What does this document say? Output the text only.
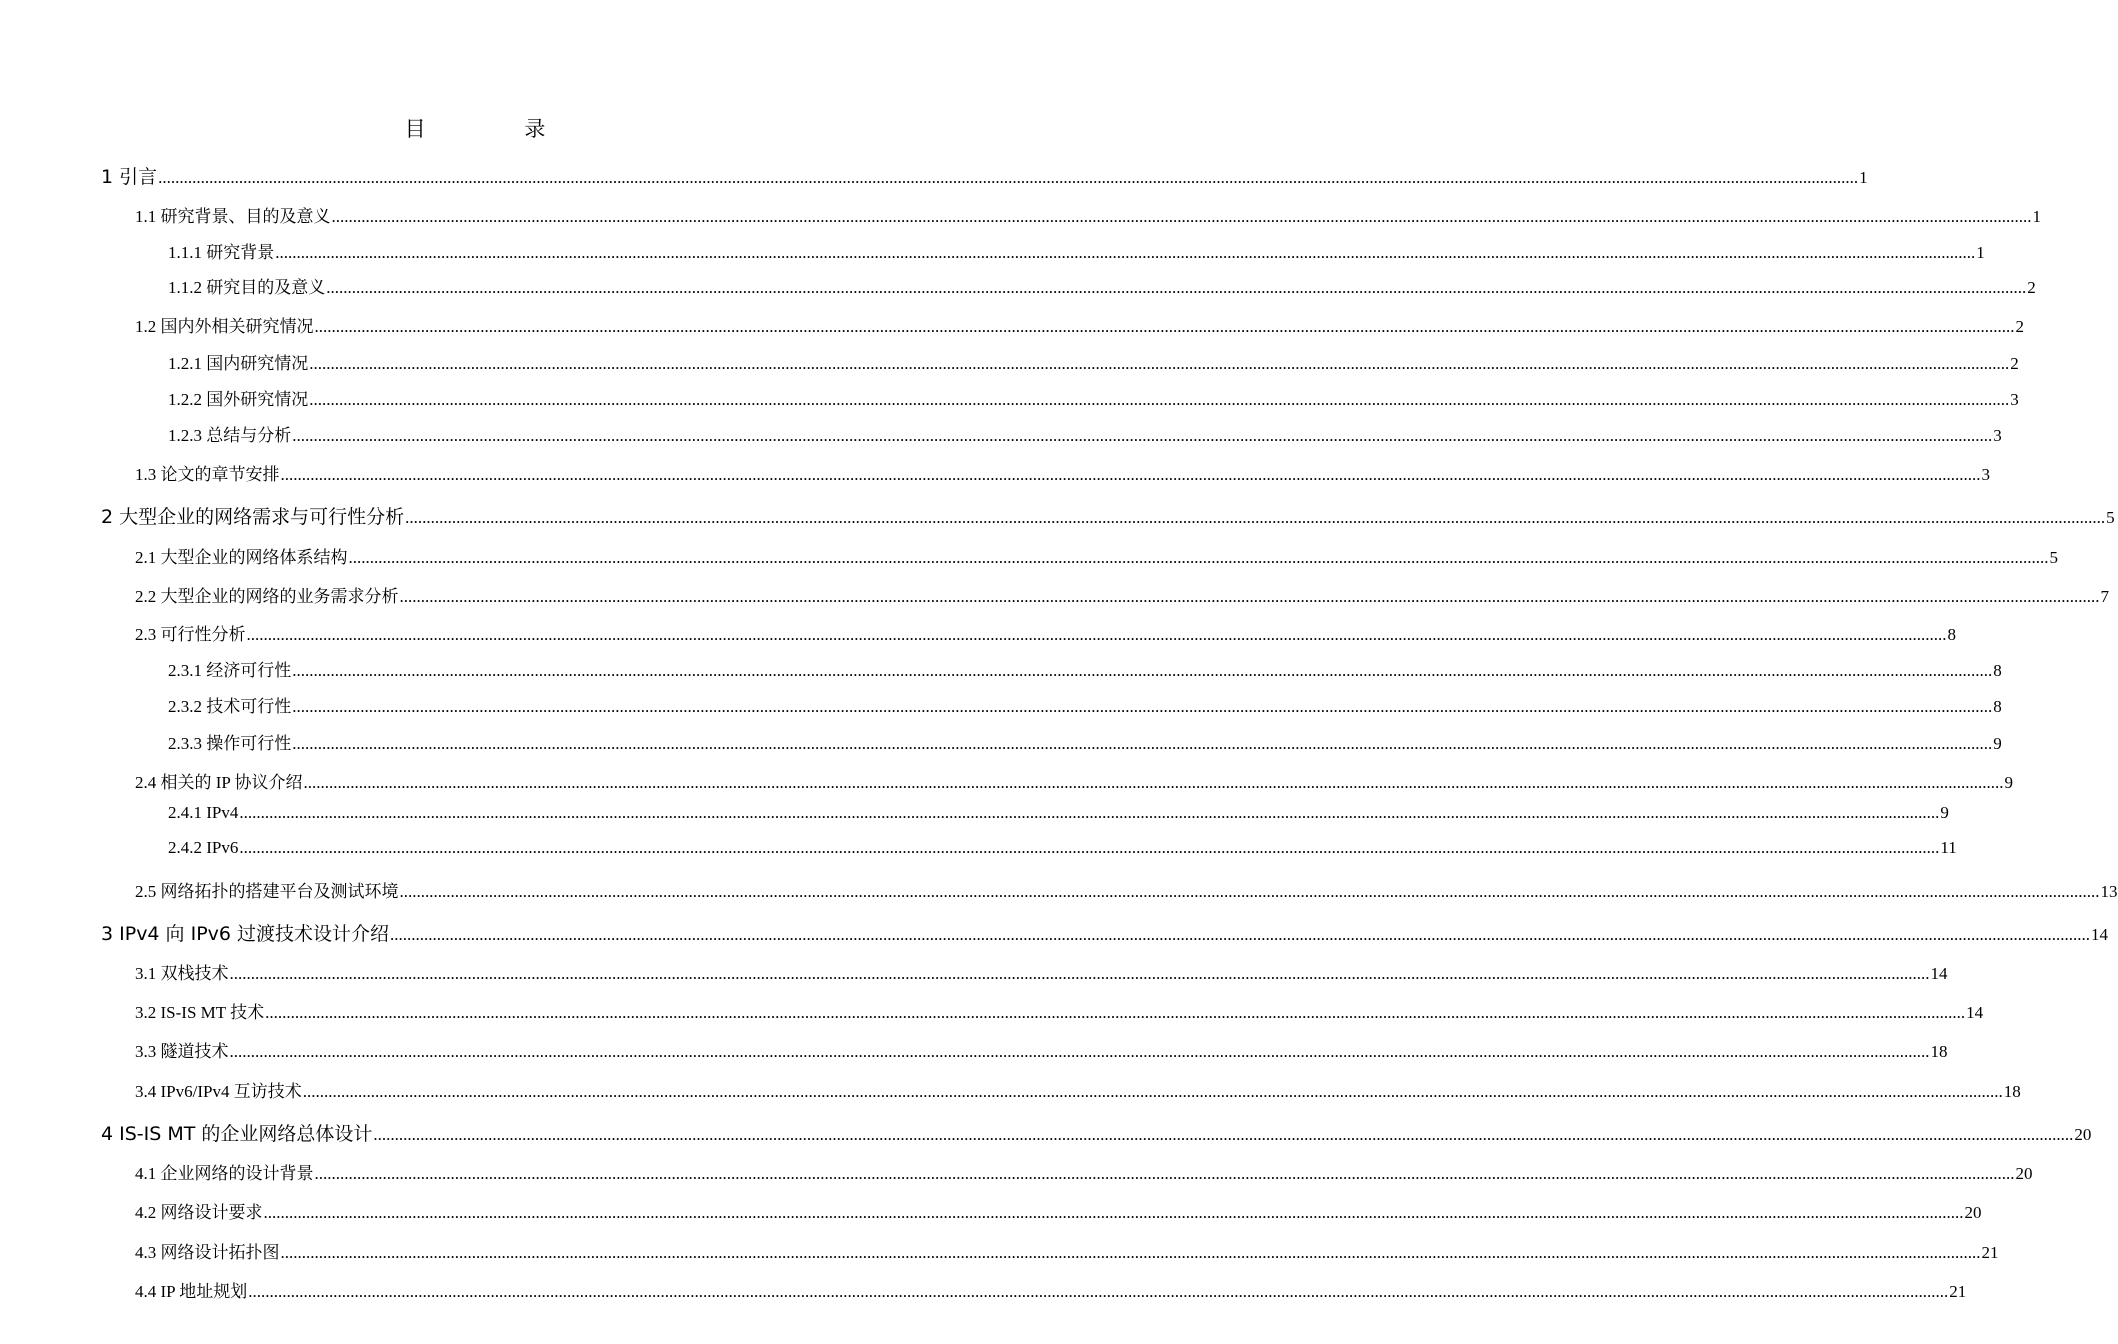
目 录
1 引言 ................................................................................................................................................................................................................................................................................................................................................................................................................ 1
1.1 研究背景、目的及意义 ................................................................................................................................................................................................................................................................................................................................................................................................................ 1
1.1.1 研究背景 ................................................................................................................................................................................................................................................................................................................................................................................................................ 1
1.1.2 研究目的及意义 ................................................................................................................................................................................................................................................................................................................................................................................................................ 2
1.2 国内外相关研究情况 ................................................................................................................................................................................................................................................................................................................................................................................................................ 2
1.2.1 国内研究情况 ................................................................................................................................................................................................................................................................................................................................................................................................................ 2
1.2.2 国外研究情况 ................................................................................................................................................................................................................................................................................................................................................................................................................ 3
1.2.3 总结与分析 ................................................................................................................................................................................................................................................................................................................................................................................................................ 3
1.3 论文的章节安排 ................................................................................................................................................................................................................................................................................................................................................................................................................ 3
2 大型企业的网络需求与可行性分析 ................................................................................................................................................................................................................................................................................................................................................................................................................ 5
2.1 大型企业的网络体系结构 ................................................................................................................................................................................................................................................................................................................................................................................................................ 5
2.2 大型企业的网络的业务需求分析 ................................................................................................................................................................................................................................................................................................................................................................................................................ 7
2.3 可行性分析 ................................................................................................................................................................................................................................................................................................................................................................................................................ 8
2.3.1 经济可行性 ................................................................................................................................................................................................................................................................................................................................................................................................................ 8
2.3.2 技术可行性 ................................................................................................................................................................................................................................................................................................................................................................................................................ 8
2.3.3 操作可行性 ................................................................................................................................................................................................................................................................................................................................................................................................................ 9
2.4 相关的 IP 协议介绍 ................................................................................................................................................................................................................................................................................................................................................................................................................ 9
2.4.1 IPv4 ................................................................................................................................................................................................................................................................................................................................................................................................................ 9
2.4.2 IPv6 ................................................................................................................................................................................................................................................................................................................................................................................................................ 11
2.5 网络拓扑的搭建平台及测试环境 ................................................................................................................................................................................................................................................................................................................................................................................................................ 13
3 IPv4 向 IPv6 过渡技术设计介绍 ................................................................................................................................................................................................................................................................................................................................................................................................................ 14
3.1 双栈技术 ................................................................................................................................................................................................................................................................................................................................................................................................................ 14
3.2 IS-IS MT 技术 ................................................................................................................................................................................................................................................................................................................................................................................................................ 14
3.3 隧道技术 ................................................................................................................................................................................................................................................................................................................................................................................................................ 18
3.4 IPv6/IPv4 互访技术 ................................................................................................................................................................................................................................................................................................................................................................................................................ 18
4 IS-IS MT 的企业网络总体设计 ................................................................................................................................................................................................................................................................................................................................................................................................................ 20
4.1 企业网络的设计背景 ................................................................................................................................................................................................................................................................................................................................................................................................................ 20
4.2 网络设计要求 ................................................................................................................................................................................................................................................................................................................................................................................................................ 20
4.3 网络设计拓扑图 ................................................................................................................................................................................................................................................................................................................................................................................................................ 21
4.4 IP 地址规划 ................................................................................................................................................................................................................................................................................................................................................................................................................ 21
